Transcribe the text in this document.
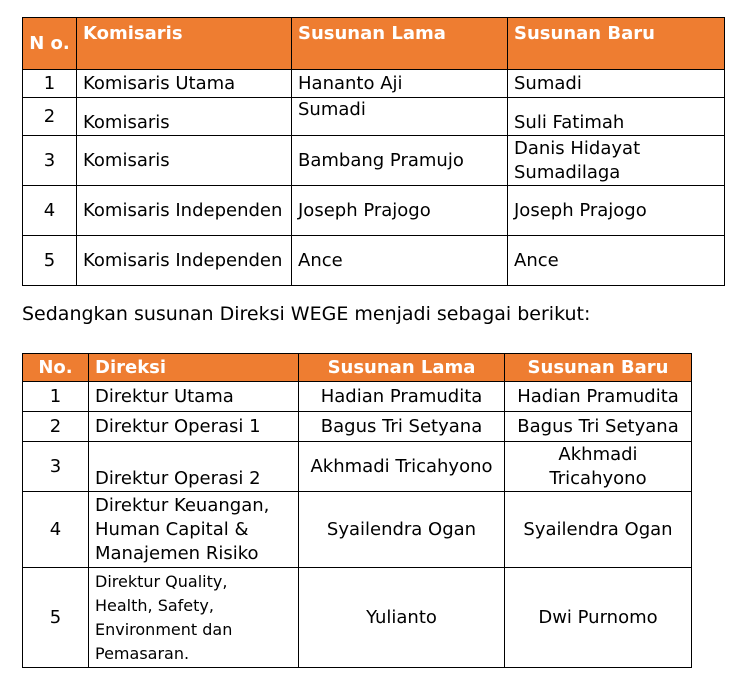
N o.	Komisaris	Susunan Lama	Susunan Baru
1	Komisaris Utama	Hananto Aji	Sumadi
2	Komisaris	Sumadi	Suli Fatimah
3	Komisaris	Bambang Pramujo	Danis Hidayat Sumadilaga
4	Komisaris Independen	Joseph Prajogo	Joseph Prajogo
5	Komisaris Independen	Ance	Ance
Sedangkan susunan Direksi WEGE menjadi sebagai berikut:
No.	Direksi	Susunan Lama	Susunan Baru
1	Direktur Utama	Hadian Pramudita	Hadian Pramudita
2	Direktur Operasi 1	Bagus Tri Setyana	Bagus Tri Setyana
3	Direktur Operasi 2	Akhmadi Tricahyono	Akhmadi Tricahyono
4	Direktur Keuangan, Human Capital & Manajemen Risiko	Syailendra Ogan	Syailendra Ogan
5	Direktur Quality, Health, Safety, Environment dan Pemasaran.	Yulianto	Dwi Purnomo
